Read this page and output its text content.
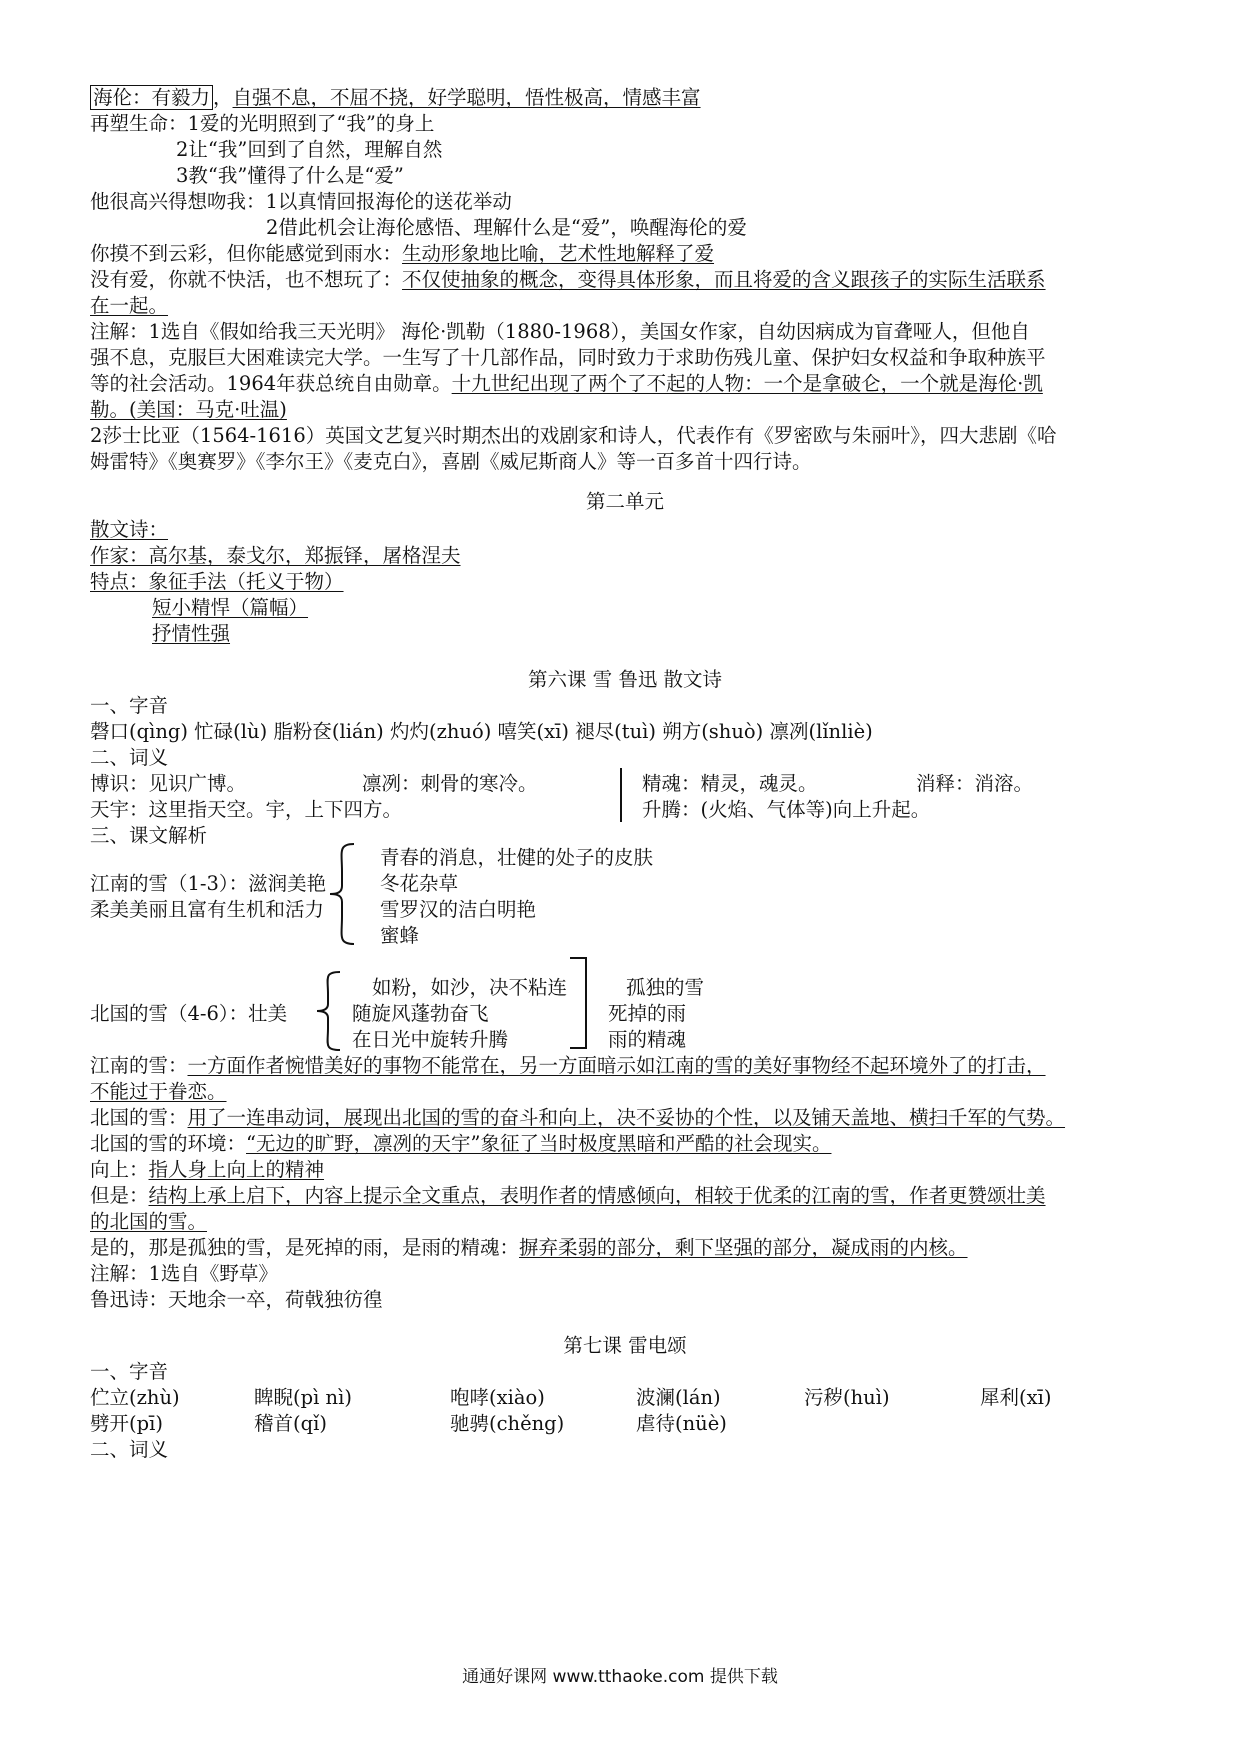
海伦：有毅力 ，自强不息，不屈不挠，好学聪明，悟性极高，情感丰富
再塑生命：1爱的光明照到了“我”的身上
2让“我”回到了自然，理解自然
3教“我”懂得了什么是“爱”
他很高兴得想吻我：1以真情回报海伦的送花举动
2借此机会让海伦感悟、理解什么是“爱”，唤醒海伦的爱
你摸不到云彩，但你能感觉到雨水：生动形象地比喻，艺术性地解释了爱
没有爱，你就不快活，也不想玩了：不仅使抽象的概念，变得具体形象，而且将爱的含义跟孩子的实际生活联系
在一起。
注解：1选自《假如给我三天光明》 海伦·凯勒（1880-1968），美国女作家，自幼因病成为盲聋哑人，但他自
强不息，克服巨大困难读完大学。一生写了十几部作品，同时致力于求助伤残儿童、保护妇女权益和争取种族平
等的社会活动。1964年获总统自由勋章。十九世纪出现了两个了不起的人物：一个是拿破仑，一个就是海伦·凯
勒。(美国：马克·吐温)
2莎士比亚（1564-1616）英国文艺复兴时期杰出的戏剧家和诗人，代表作有《罗密欧与朱丽叶》，四大悲剧《哈
姆雷特》《奥赛罗》《李尔王》《麦克白》，喜剧《威尼斯商人》等一百多首十四行诗。
第二单元
散文诗：
作家：高尔基，泰戈尔，郑振铎，屠格涅夫
特点：象征手法（托义于物）
短小精悍（篇幅）
抒情性强
第六课 雪 鲁迅 散文诗
一、字音
磬口(qìng) 忙碌(lù) 脂粉奁(lián) 灼灼(zhuó) 嘻笑(xī) 褪尽(tuì) 朔方(shuò) 凛冽(lǐnliè)
二、词义
博识：见识广博。	凛冽：刺骨的寒冷。	精魂：精灵，魂灵。	消释：消溶。
天宇：这里指天空。宇，上下四方。	升腾：(火焰、气体等)向上升起。
三、课文解析
江南的雪（1-3）：滋润美艳
柔美美丽且富有生机和活力
青春的消息，壮健的处子的皮肤
冬花杂草
雪罗汉的洁白明艳
蜜蜂
北国的雪（4-6）：壮美
如粉，如沙，决不粘连
随旋风蓬勃奋飞
在日光中旋转升腾
孤独的雪
死掉的雨
雨的精魂
江南的雪：一方面作者惋惜美好的事物不能常在，另一方面暗示如江南的雪的美好事物经不起环境外了的打击，
不能过于眷恋。
北国的雪：用了一连串动词，展现出北国的雪的奋斗和向上，决不妥协的个性，以及铺天盖地、横扫千军的气势。
北国的雪的环境：“无边的旷野，凛冽的天宇”象征了当时极度黑暗和严酷的社会现实。
向上：指人身上向上的精神
但是：结构上承上启下，内容上提示全文重点，表明作者的情感倾向，相较于优柔的江南的雪，作者更赞颂壮美
的北国的雪。
是的，那是孤独的雪，是死掉的雨，是雨的精魂：摒弃柔弱的部分，剩下坚强的部分，凝成雨的内核。
注解：1选自《野草》
鲁迅诗：天地余一卒，荷戟独彷徨
第七课 雷电颂
一、字音
伫立(zhù)	睥睨(pì nì)	咆哮(xiào)	波澜(lán)	污秽(huì)	犀利(xī)
劈开(pī)	稽首(qǐ)	驰骋(chěng)	虐待(nüè)
二、词义
通通好课网 www.tthaoke.com 提供下载
